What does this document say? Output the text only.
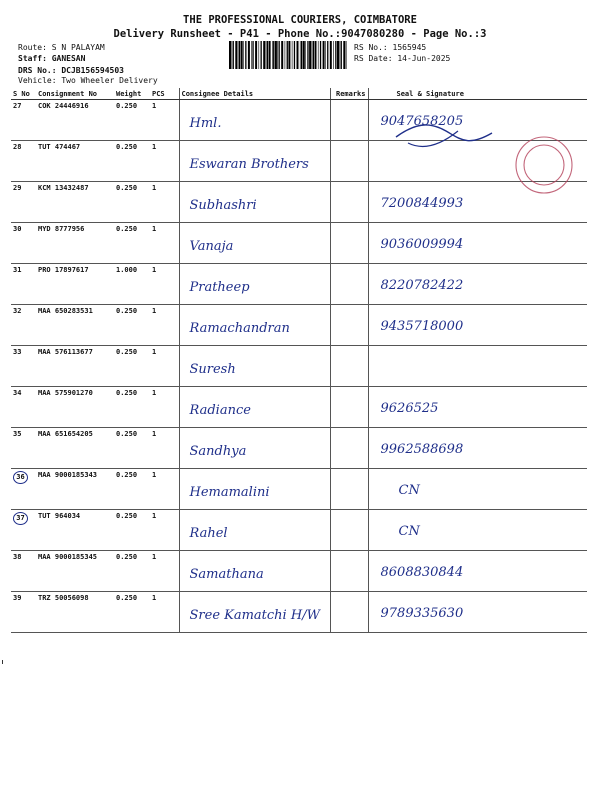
THE PROFESSIONAL COURIERS, COIMBATORE
Delivery Runsheet - P41 - Phone No.:9047080280 - Page No.:3
Route: S N PALAYAM
Staff: GANESAN
DRS No.: DCJB156594503
Vehicle: Two Wheeler Delivery
RS No.: 1565945
RS Date: 14-Jun-2025
S No	Consignment No	Weight	PCS	Consignee Details	Remarks	Seal & Signature
27	COK 24446916	0.250	1	Hml.		9047658205

28	TUT 474467	0.250	1	Eswaran Brothers		

29	KCM 13432487	0.250	1	Subhashri		7200844993

30	MYD 8777956	0.250	1	Vanaja		9036009994

31	PRO 17897617	1.000	1	Pratheep		8220782422

32	MAA 650283531	0.250	1	Ramachandran		9435718000

33	MAA 576113677	0.250	1	Suresh		

34	MAA 575901270	0.250	1	Radiance		9626525

35	MAA 651654205	0.250	1	Sandhya		9962588698

36	MAA 9000185343	0.250	1	Hemamalini		CN

37	TUT 964034	0.250	1	Rahel		CN

38	MAA 9000185345	0.250	1	Samathana		8608830844

39	TRZ 50056098	0.250	1	Sree Kamatchi H/W		9789335630
